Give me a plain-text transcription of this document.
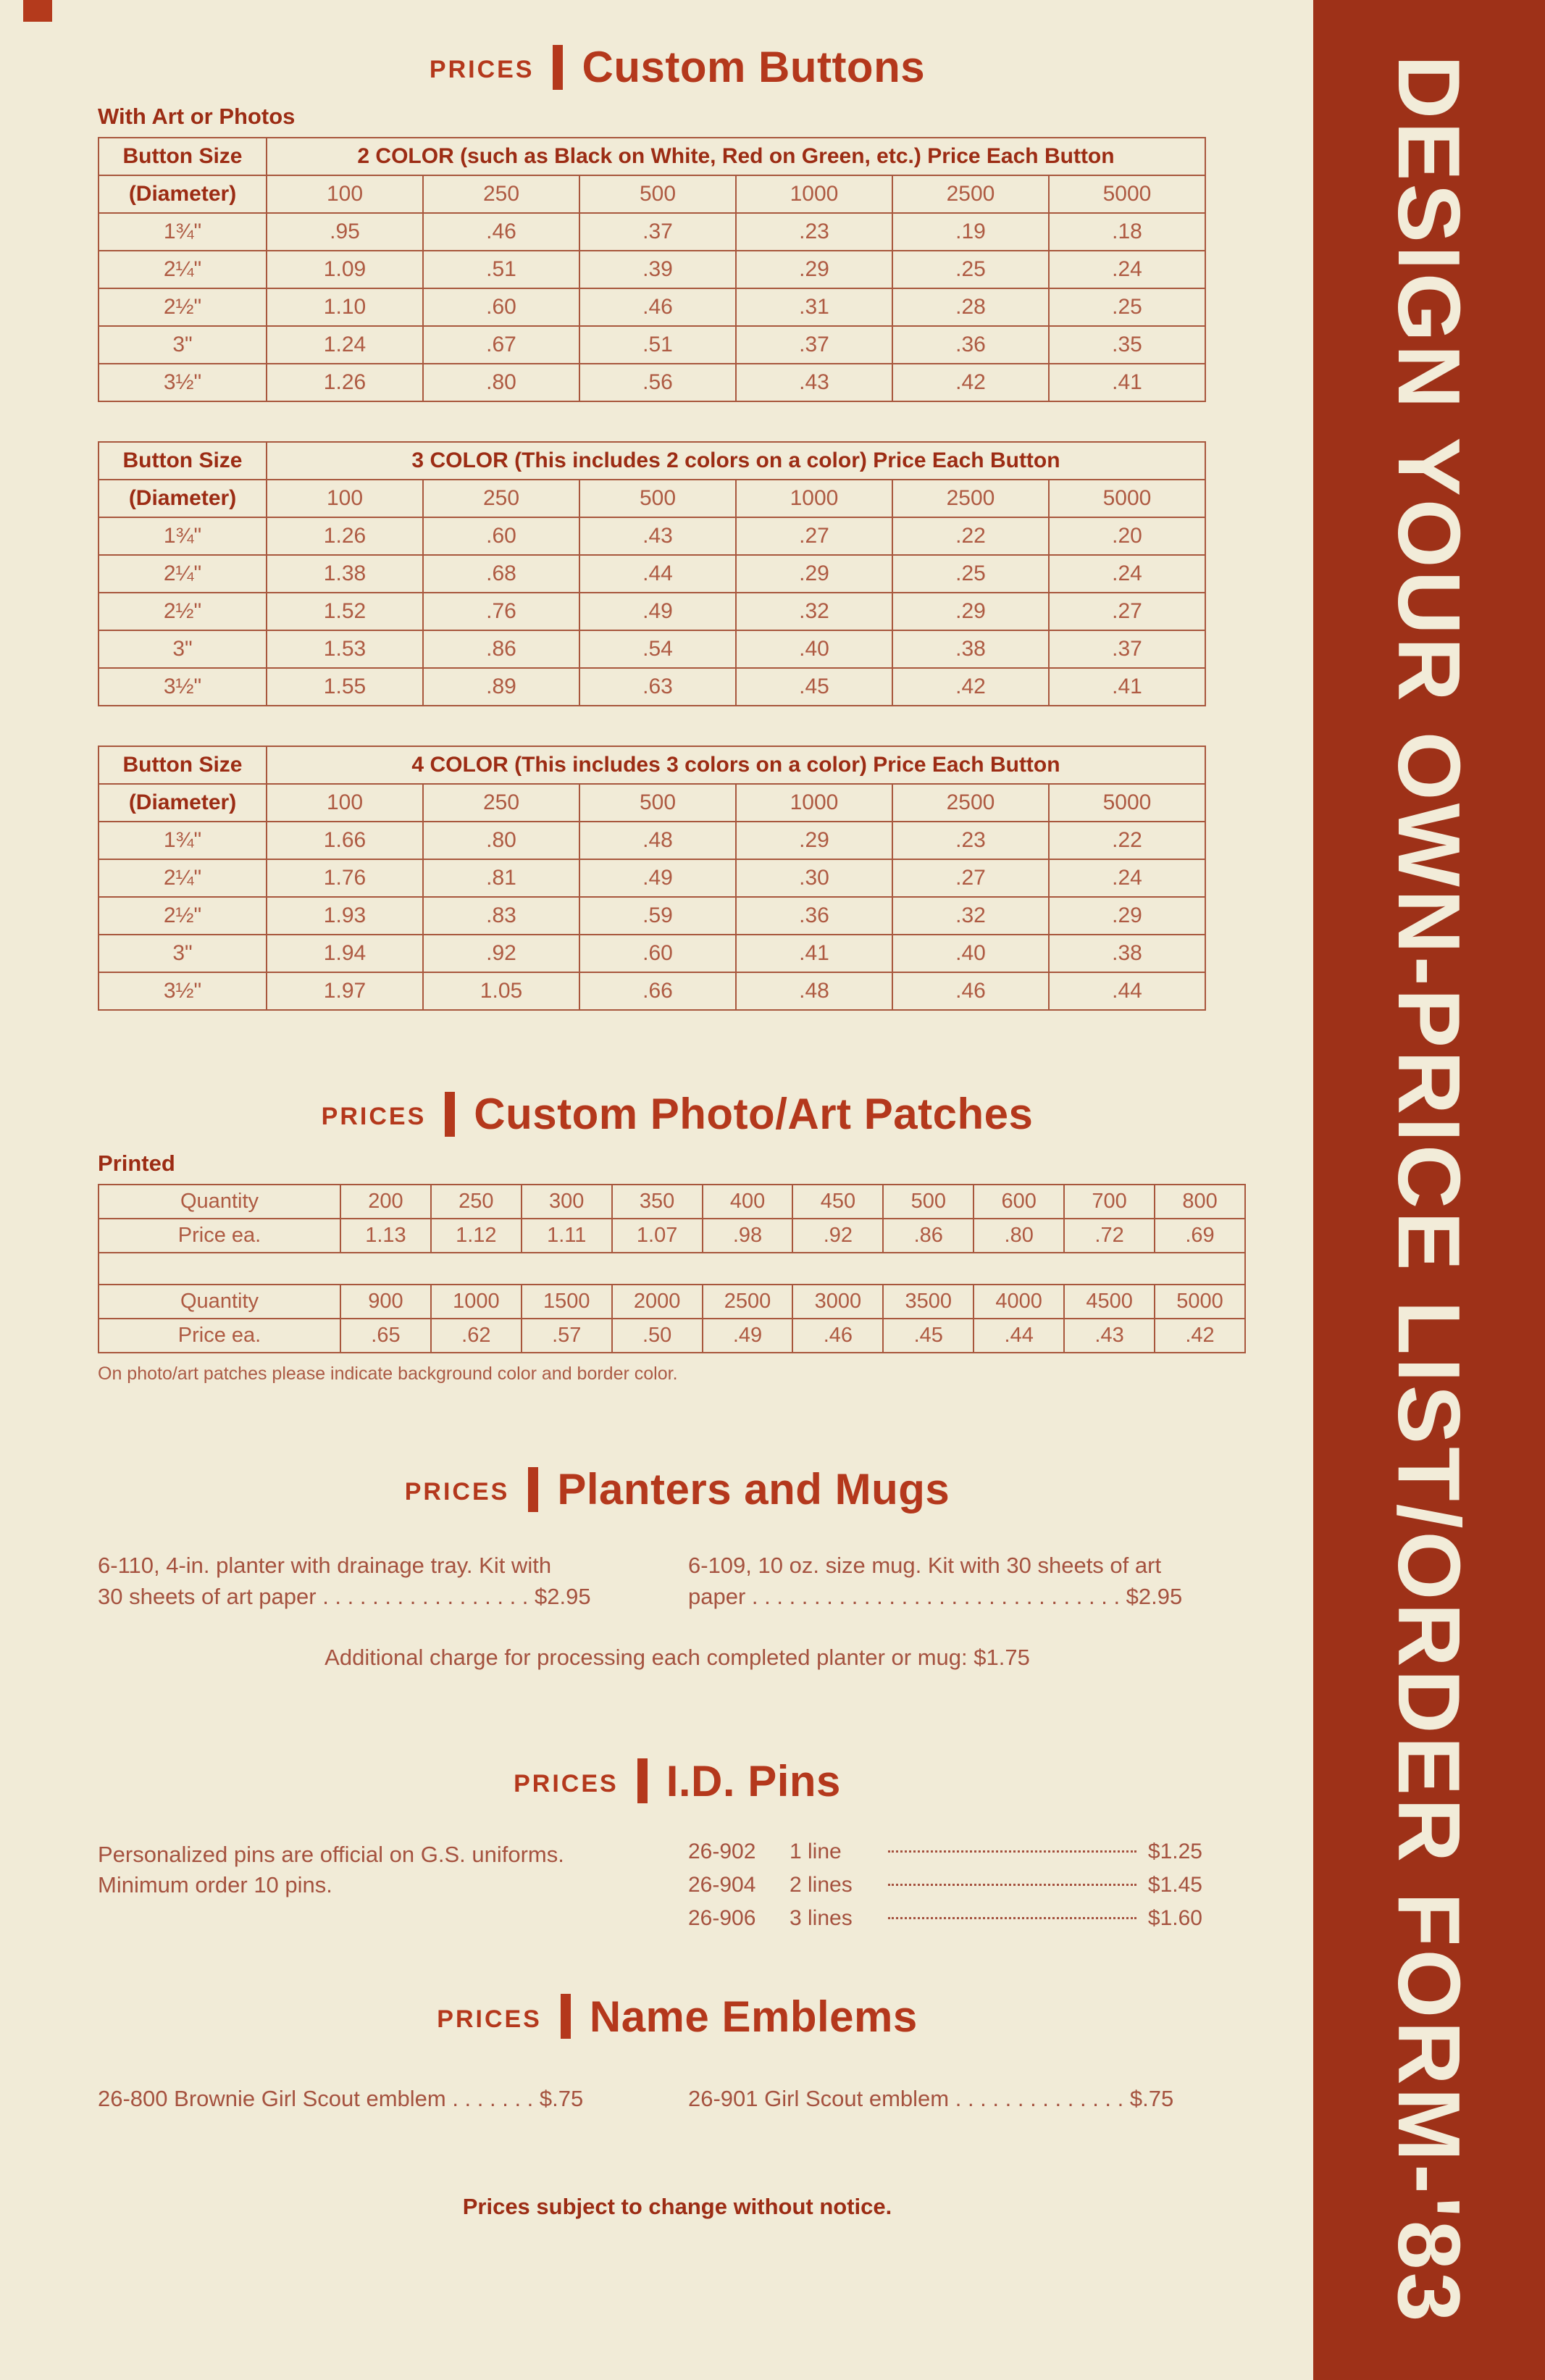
PRICES Custom Buttons
With Art or Photos
Button Size	2 COLOR (such as Black on White, Red on Green, etc.) Price Each Button					
(Diameter)	100	250	500	1000	2500	5000
1¾"	.95	.46	.37	.23	.19	.18
2¼"	1.09	.51	.39	.29	.25	.24
2½"	1.10	.60	.46	.31	.28	.25
3"	1.24	.67	.51	.37	.36	.35
3½"	1.26	.80	.56	.43	.42	.41
Button Size	3 COLOR (This includes 2 colors on a color) Price Each Button					
(Diameter)	100	250	500	1000	2500	5000
1¾"	1.26	.60	.43	.27	.22	.20
2¼"	1.38	.68	.44	.29	.25	.24
2½"	1.52	.76	.49	.32	.29	.27
3"	1.53	.86	.54	.40	.38	.37
3½"	1.55	.89	.63	.45	.42	.41
Button Size	4 COLOR (This includes 3 colors on a color) Price Each Button					
(Diameter)	100	250	500	1000	2500	5000
1¾"	1.66	.80	.48	.29	.23	.22
2¼"	1.76	.81	.49	.30	.27	.24
2½"	1.93	.83	.59	.36	.32	.29
3"	1.94	.92	.60	.41	.40	.38
3½"	1.97	1.05	.66	.48	.46	.44
PRICES Custom Photo/Art Patches
Printed
Quantity	200	250	300	350	400	450	500	600	700	800
Price ea.	1.13	1.12	1.11	1.07	.98	.92	.86	.80	.72	.69

Quantity	900	1000	1500	2000	2500	3000	3500	4000	4500	5000
Price ea.	.65	.62	.57	.50	.49	.46	.45	.44	.43	.42
On photo/art patches please indicate background color and border color.
PRICES Planters and Mugs

6-110, 4-in. planter with drainage tray. Kit with
30 sheets of art paper . . . . . . . . . . . . . . . . . $2.95

6-109, 10 oz. size mug. Kit with 30 sheets of art
paper . . . . . . . . . . . . . . . . . . . . . . . . . . . . . . $2.95

Additional charge for processing each completed planter or mug: $1.75
PRICES I.D. Pins

Personalized pins are official on G.S. uniforms.
Minimum order 10 pins.

26-902	1 line	$1.25
26-904	2 lines	$1.45
26-906	3 lines	$1.60
PRICES Name Emblems
26-800 Brownie Girl Scout emblem . . . . . . . $.75	26-901 Girl Scout emblem . . . . . . . . . . . . . . $.75
Prices subject to change without notice.	DESIGN YOUR OWN-PRICE LIST/ORDER FORM-'83
